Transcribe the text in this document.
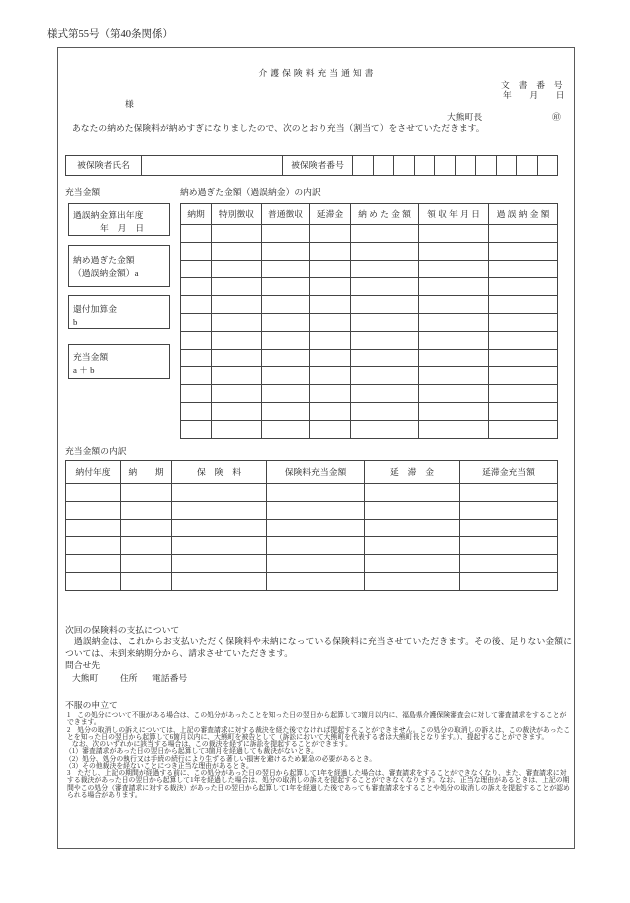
様式第55号（第40条関係）
介護保険料充当通知書
文　書　番　号
年　　月　　日
様
大熊町長	㊞
あなたの納めた保険料が納めすぎになりましたので、次のとおり充当（割当て）をさせていただきます。
被保険者氏名		被保険者番号										
充当金額	納め過ぎた金額（過誤納金）の内訳
過誤納金算出年度
年　月　日
納め過ぎた金額
（過誤納金額）a
還付加算金
b
充当金額
a ＋ b
納期	特別徴収	普通徴収	延滞金	納 め た 金 額	領 収 年 月 日	過 誤 納 金 額

充当金額の内訳
納付年度	納　　期	保　険　料	保険料充当金額	延　滞　金	延滞金充当額

次回の保険料の支払について
　過誤納金は、これからお支払いただく保険料や未納になっている保険料に充当させていただきます。その後、足りない金額については、未到来納期分から、請求させていただきます。
問合せ先
大熊町 住所 電話番号
不服の申立て
1　この処分について不服がある場合は、この処分があったことを知った日の翌日から起算して3箇月以内に、福島県介護保険審査会に対して審査請求をすることができます。
2　処分の取消しの訴えについては、上記の審査請求に対する裁決を経た後でなければ提起することができません。この処分の取消しの訴えは、この裁決があったことを知った日の翌日から起算して6箇月以内に、大熊町を被告として（訴訟において大熊町を代表する者は大熊町長となります。）、提起することができます。
　なお、次のいずれかに該当する場合は、この裁決を経ずに訴訟を提起することができます。
（1）審査請求があった日の翌日から起算して3箇月を経過しても裁決がないとき。
（2）処分、処分の執行又は手続の続行により生ずる著しい損害を避けるため緊急の必要があるとき。
（3）その他裁決を経ないことにつき正当な理由があるとき。
3　ただし、上記の期間が経過する前に、この処分があった日の翌日から起算して1年を経過した場合は、審査請求をすることができなくなり、また、審査請求に対する裁決があった日の翌日から起算して1年を経過した場合は、処分の取消しの訴えを提起することができなくなります。なお、正当な理由があるときは、上記の期間やこの処分（審査請求に対する裁決）があった日の翌日から起算して1年を経過した後であっても審査請求をすることや処分の取消しの訴えを提起することが認められる場合があります。
